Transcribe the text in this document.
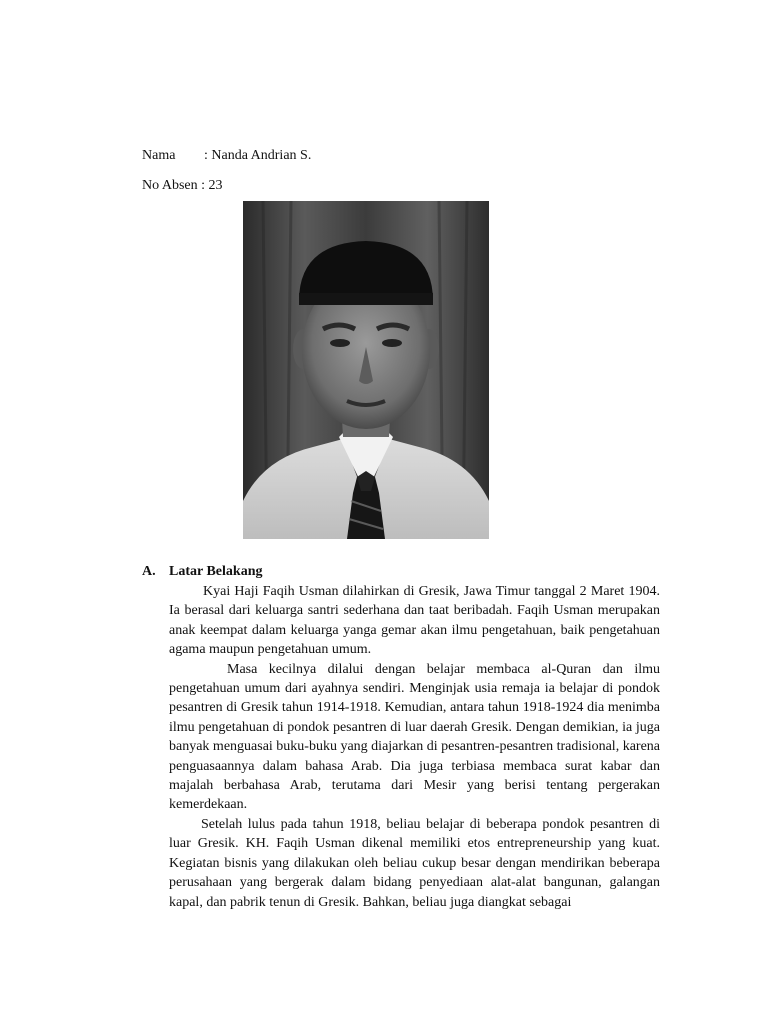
Nama : Nanda Andrian S.
No Absen : 23
A. Latar Belakang

Kyai Haji Faqih Usman dilahirkan di Gresik, Jawa Timur tanggal 2 Maret 1904. Ia berasal dari keluarga santri sederhana dan taat beribadah. Faqih Usman merupakan anak keempat dalam keluarga yanga gemar akan ilmu pengetahuan, baik pengetahuan agama maupun pengetahuan umum.

Masa kecilnya dilalui dengan belajar membaca al-Quran dan ilmu pengetahuan umum dari ayahnya sendiri. Menginjak usia remaja ia belajar di pondok pesantren di Gresik tahun 1914-1918. Kemudian, antara tahun 1918-1924 dia menimba ilmu pengetahuan di pondok pesantren di luar daerah Gresik. Dengan demikian, ia juga banyak menguasai buku-buku yang diajarkan di pesantren-pesantren tradisional, karena penguasaannya dalam bahasa Arab. Dia juga terbiasa membaca surat kabar dan majalah berbahasa Arab, terutama dari Mesir yang berisi tentang pergerakan kemerdekaan.

Setelah lulus pada tahun 1918, beliau belajar di beberapa pondok pesantren di luar Gresik. KH. Faqih Usman dikenal memiliki etos entrepreneurship yang kuat. Kegiatan bisnis yang dilakukan oleh beliau cukup besar dengan mendirikan beberapa perusahaan yang bergerak dalam bidang penyediaan alat-alat bangunan, galangan kapal, dan pabrik tenun di Gresik. Bahkan, beliau juga diangkat sebagai
